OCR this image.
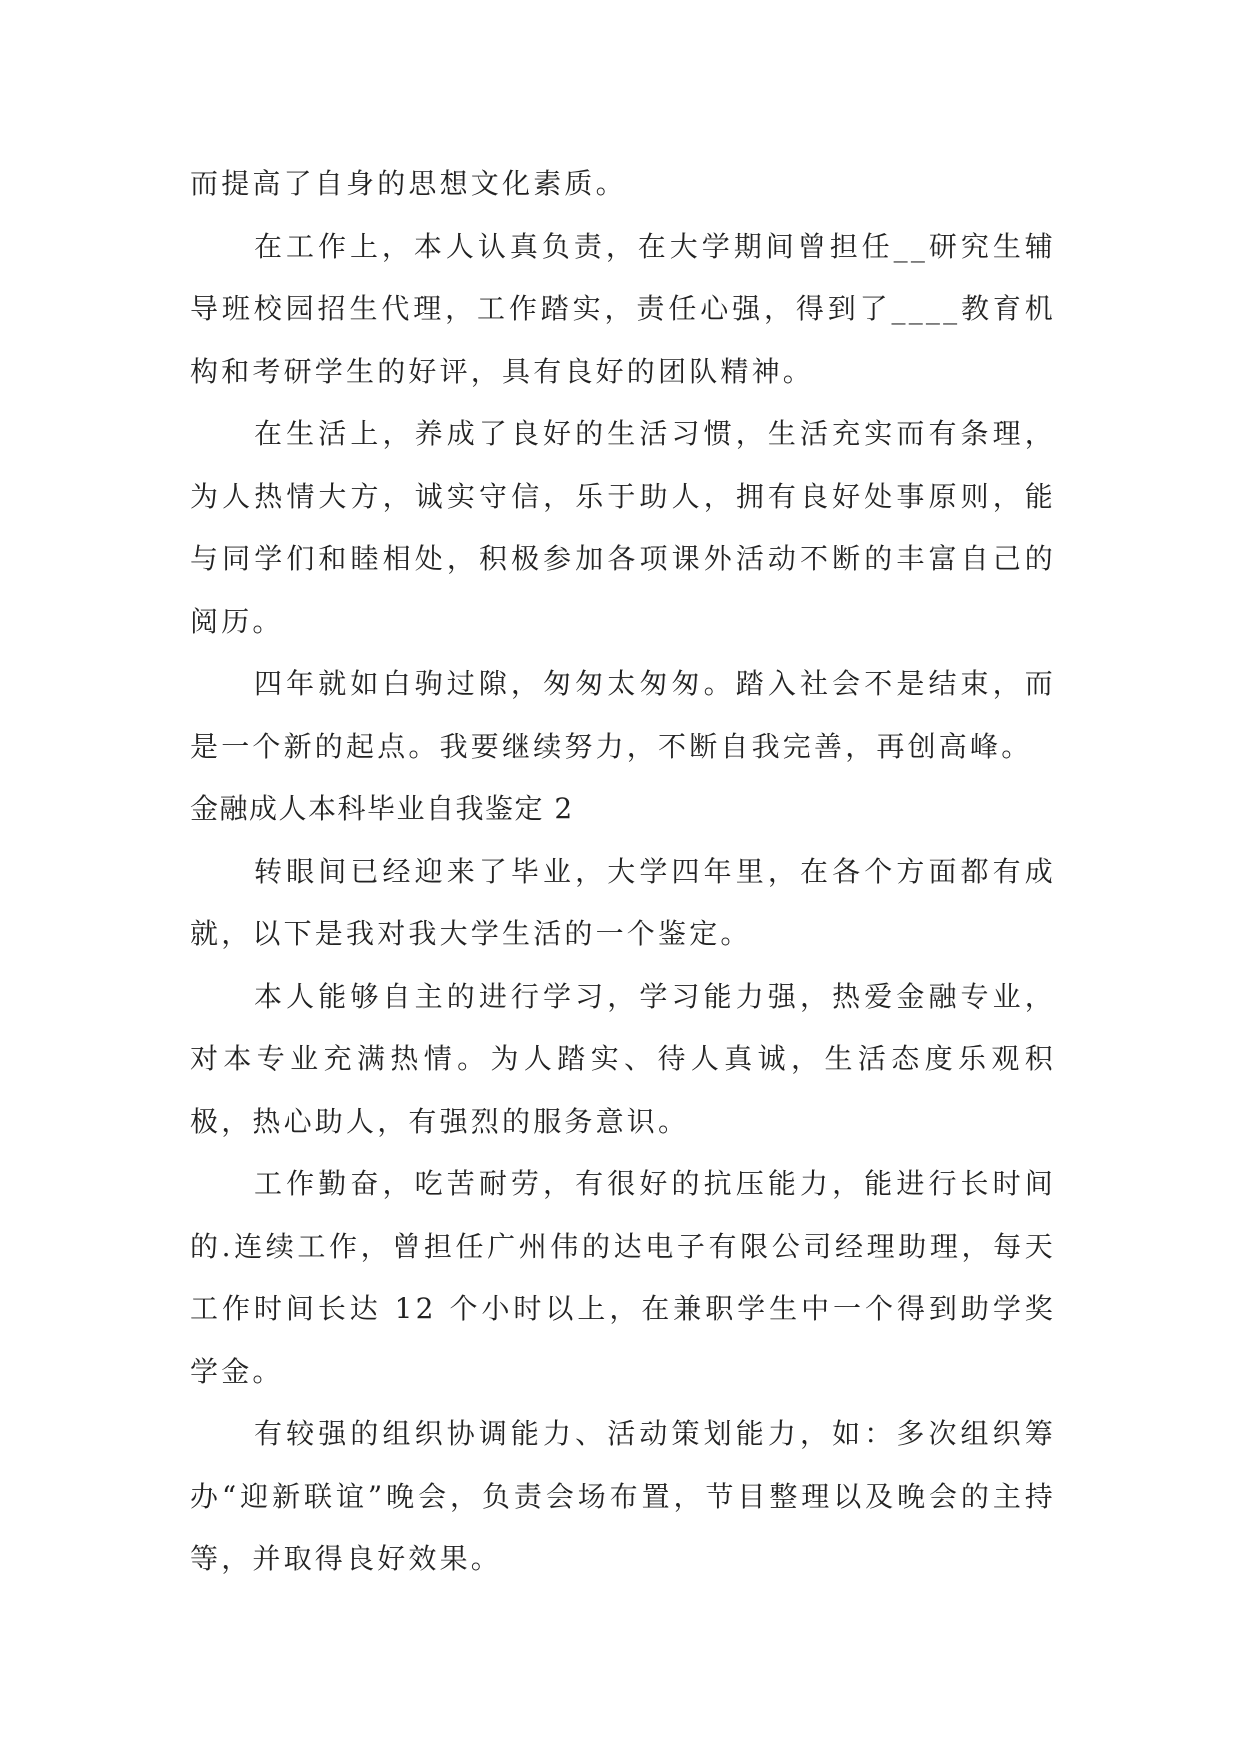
而提高了自身的思想文化素质。

在工作上，本人认真负责，在大学期间曾担任__研究生辅导班校园招生代理，工作踏实，责任心强，得到了____教育机构和考研学生的好评，具有良好的团队精神。

在生活上，养成了良好的生活习惯，生活充实而有条理，为人热情大方，诚实守信，乐于助人，拥有良好处事原则，能与同学们和睦相处，积极参加各项课外活动不断的丰富自己的阅历。

四年就如白驹过隙，匆匆太匆匆。踏入社会不是结束，而是一个新的起点。我要继续努力，不断自我完善，再创高峰。

金融成人本科毕业自我鉴定 2

转眼间已经迎来了毕业，大学四年里，在各个方面都有成就，以下是我对我大学生活的一个鉴定。

本人能够自主的进行学习，学习能力强，热爱金融专业，对本专业充满热情。为人踏实、待人真诚，生活态度乐观积极，热心助人，有强烈的服务意识。

工作勤奋，吃苦耐劳，有很好的抗压能力，能进行长时间的.连续工作，曾担任广州伟的达电子有限公司经理助理，每天工作时间长达 12 个小时以上，在兼职学生中一个得到助学奖学金。

有较强的组织协调能力、活动策划能力，如：多次组织筹办“迎新联谊”晚会，负责会场布置，节目整理以及晚会的主持等，并取得良好效果。
